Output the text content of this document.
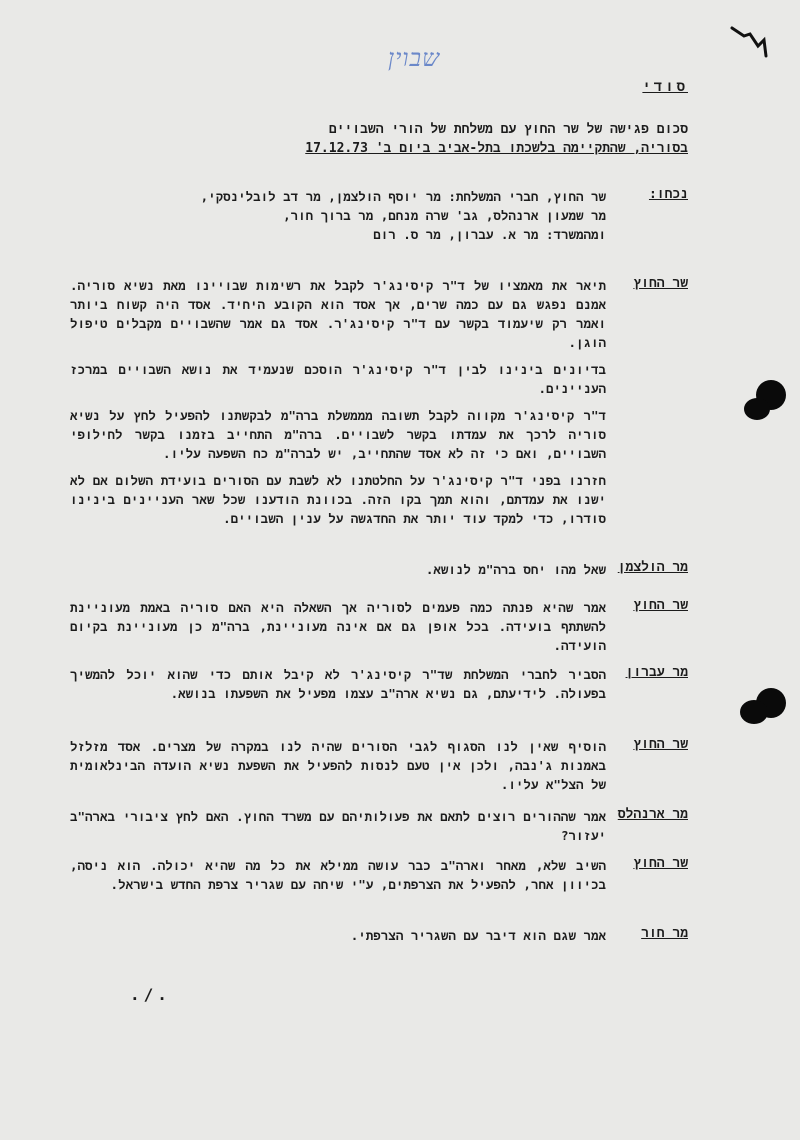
שבוין
סודי
סכום פגישה של שר החוץ עם משלחת של הורי השבויים
בסוריה, שהתקיימה בלשכתו בתל-אביב ביום ב' 17.12.73
נכחו:
שר החוץ, חברי המשלחת: מר יוסף הולצמן, מר דב לובלינסקי,
מר שמעון ארנהלס, גב' שרה מנחם, מר ברוך חור,
ומהמשרד: מר א. עברון, מר ס. רום
שר החוץ

תיאר את מאמציו של ד"ר קיסינג'ר לקבל את רשימות שבויינו מאת נשיא סוריה. אמנם נפגש גם עם כמה שרים, אך אסד הוא הקובע היחיד. אסד היה קשוח ביותר ואמר רק שיעמוד בקשר עם ד"ר קיסינג'ר. אסד גם אמר שהשבויים מקבלים טיפול הוגן.

בדיונים בינינו לבין ד"ר קיסינג'ר הוסכם שנעמיד את נושא השבויים במרכז העניינים.

ד"ר קיסינג'ר מקווה לקבל תשובה מממשלת ברה"מ לבקשתנו להפעיל לחץ על נשיא סוריה לרכך את עמדתו בקשר לשבויים. ברה"מ התחייב בזמנו בקשר לחילופי השבויים, ואם כי זה לא אסד שהתחייב, יש לברה"מ כח השפעה עליו.

חזרנו בפני ד"ר קיסינג'ר על החלטתנו לא לשבת עם הסורים בועידת השלום אם לא ישנו את עמדתם, והוא תמך בקו הזה. בכוונת הודענו שכל שאר העניינים בינינו סודרו, כדי למקד עוד יותר את החדגשה על ענין השבויים.

מר הולצמן

שאל מהו יחס ברה"מ לנושא.

שר החוץ

אמר שהיא פנתה כמה פעמים לסוריה אך השאלה היא האם סוריה באמת מעוניינת להשתתף בועידה. בכל אופן גם אם אינה מעוניינת, ברה"מ כן מעוניינת בקיום הועידה.

מר עברון

הסביר לחברי המשלחת שד"ר קיסינג'ר לא קיבל אותם כדי שהוא יוכל להמשיך בפעולה. לידיעתם, גם נשיא ארה"ב עצמו מפעיל את השפעתו בנושא.

שר החוץ

הוסיף שאין לנו הסגוף לגבי הסורים שהיה לנו במקרה של מצרים. אסד מזלזל באמנות ג'נבה, ולכן אין טעם לנסות להפעיל את השפעת נשיא הועדה הבינלאומית של הצל"א עליו.

מר ארנהלס

אמר שההורים רוצים לתאם את פעולותיהם עם משרד החוץ. האם לחץ ציבורי בארה"ב יעזור?

שר החוץ

השיב שלא, מאחר וארה"ב כבר עושה ממילא את כל מה שהיא יכולה. הוא ניסה, בכיוון אחר, להפעיל את הצרפתים, ע"י שיחה עם שגריר צרפת החדש בישראל.

מר חור

אמר שגם הוא דיבר עם השגריר הצרפתי.

./.
